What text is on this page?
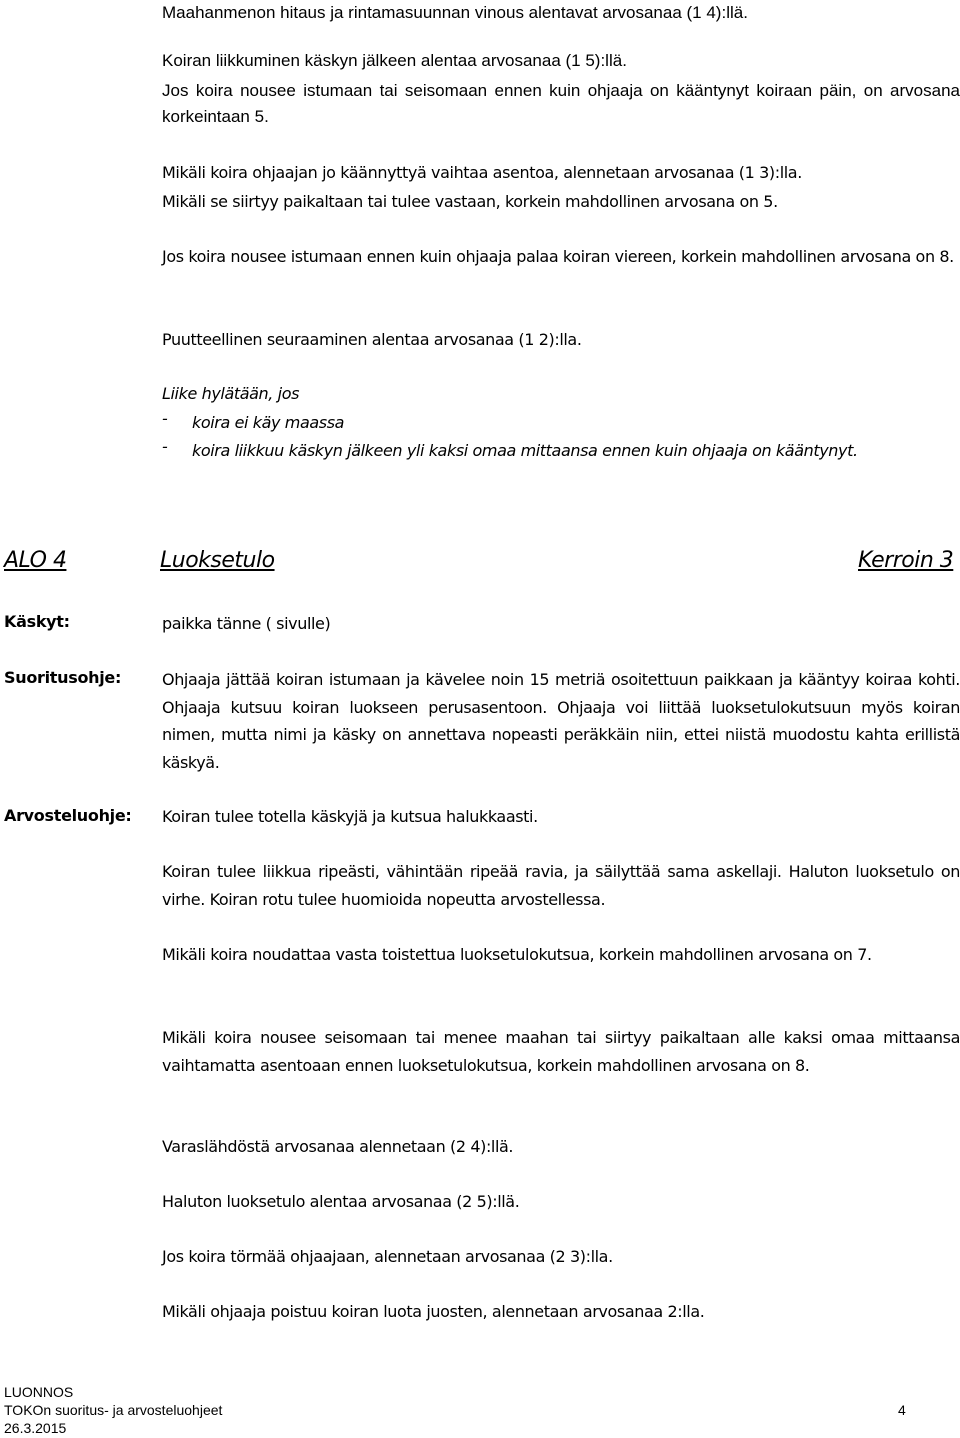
Maahanmenon hitaus ja rintamasuunnan vinous alentavat arvosanaa (1 4):llä.

Koiran liikkuminen käskyn jälkeen alentaa arvosanaa (1 5):llä.

Jos koira nousee istumaan tai seisomaan ennen kuin ohjaaja on kääntynyt koiraan päin, on arvosana korkeintaan 5.

Mikäli koira ohjaajan jo käännyttyä vaihtaa asentoa, alennetaan arvosanaa (1 3):lla.

Mikäli se siirtyy paikaltaan tai tulee vastaan, korkein mahdollinen arvosana on 5.

Jos koira nousee istumaan ennen kuin ohjaaja palaa koiran viereen, korkein mahdollinen arvosana on 8.

Puutteellinen seuraaminen alentaa arvosanaa (1 2):lla.

Liike hylätään, jos

- koira ei käy maassa
- koira liikkuu käskyn jälkeen yli kaksi omaa mittaansa ennen kuin ohjaaja on kääntynyt.
ALO 4	Luoksetulo	Kerroin 3
Käskyt:	paikka tänne ( sivulle)

Suoritusohje:	Ohjaaja jättää koiran istumaan ja kävelee noin 15 metriä osoitettuun paikkaan ja kääntyy koiraa kohti. Ohjaaja kutsuu koiran luokseen perusasentoon. Ohjaaja voi liittää luoksetulokutsuun myös koiran nimen, mutta nimi ja käsky on annettava nopeasti peräkkäin niin, ettei niistä muodostu kahta erillistä käskyä.

Arvosteluohje: Koiran tulee totella käskyjä ja kutsua halukkaasti.

Koiran tulee liikkua ripeästi, vähintään ripeää ravia, ja säilyttää sama askellaji. Haluton luoksetulo on virhe. Koiran rotu tulee huomioida nopeutta arvostellessa.

Mikäli koira noudattaa vasta toistettua luoksetulokutsua, korkein mahdollinen arvosana on 7.

Mikäli koira nousee seisomaan tai menee maahan tai siirtyy paikaltaan alle kaksi omaa mittaansa vaihtamatta asentoaan ennen luoksetulokutsua, korkein mahdollinen arvosana on 8.

Varaslähdöstä arvosanaa alennetaan (2 4):llä.

Haluton luoksetulo alentaa arvosanaa (2 5):llä.

Jos koira törmää ohjaajaan, alennetaan arvosanaa (2 3):lla.

Mikäli ohjaaja poistuu koiran luota juosten, alennetaan arvosanaa 2:lla.

LUONNOS
TOKOn suoritus- ja arvosteluohjeet	4
26.3.2015
